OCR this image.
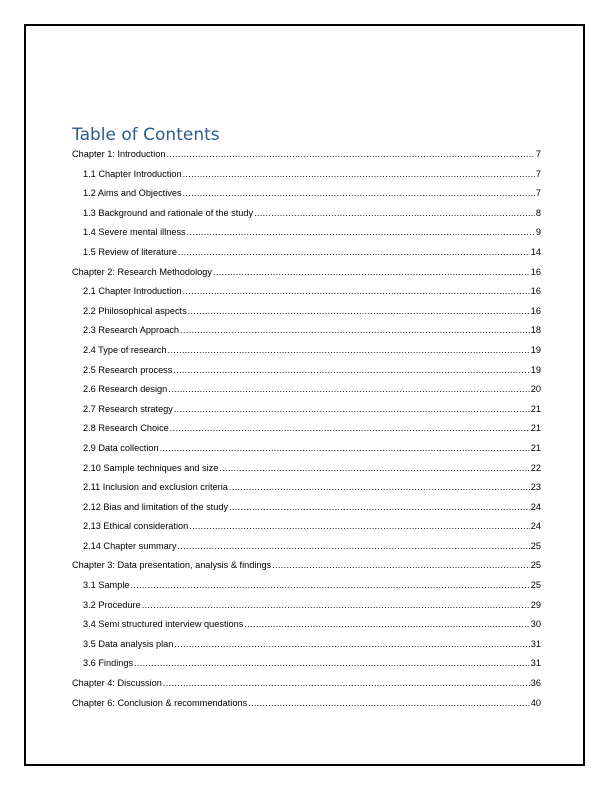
Table of Contents
Chapter 1: Introduction .....	7
1.1 Chapter Introduction .....	7
1.2 Aims and Objectives .....	7
1.3 Background and rationale of the study .....	8
1.4 Severe mental illness .....	9
1.5 Review of literature .....	14
Chapter 2: Research Methodology .....	16
2.1 Chapter Introduction .....	16
2.2 Philosophical aspects .....	16
2.3 Research Approach .....	18
2.4 Type of research .....	19
2.5 Research process .....	19
2.6 Research design .....	20
2.7 Research strategy .....	21
2.8 Research Choice .....	21
2.9 Data collection .....	21
2.10 Sample techniques and size .....	22
2.11 Inclusion and exclusion criteria .....	23
2.12 Bias and limitation of the study .....	24
2.13 Ethical consideration .....	24
2.14 Chapter summary .....	25
Chapter 3: Data presentation, analysis & findings .....	25
3.1 Sample .....	25
3.2 Procedure .....	29
3.4 Semi structured interview questions .....	30
3.5 Data analysis plan .....	31
3.6 Findings .....	31
Chapter 4: Discussion .....	36
Chapter 6: Conclusion & recommendations .....	40
